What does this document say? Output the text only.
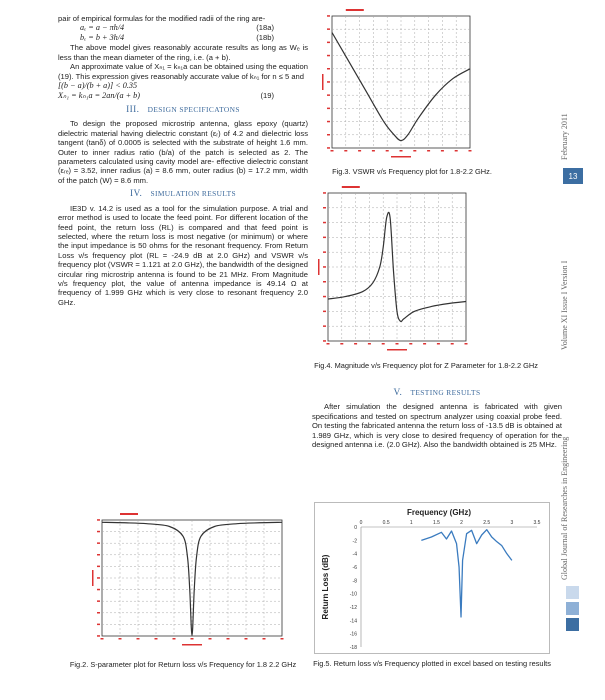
pair of empirical formulas for the modified radii of the ring are-

aₑ = a − πh/4	(18a)
bₑ = b + 3h/4	(18b)

The above model gives reasonably accurate results as long as Wₑ is less than the mean diameter of the ring, i.e. (a + b).

An approximate value of Xₙ₁ = kₙ₁a can be obtained using the equation (19). This expression gives reasonably accurate value of kₙ₁ for n ≤ 5 and

[(b − a)/(b + a)] < 0.35
Xₙ₁ = kₙ₁a = 2an/(a + b)	(19)
III. DESIGN SPECIFICATONS

To design the proposed microstrip antenna, glass epoxy (quartz) dielectric material having dielectric constant (εᵣ) of 4.2 and dielectric loss tangent (tanδ) of 0.0005 is selected with the substrate of height 1.6 mm. Outer to inner radius ratio (b/a) of the patch is selected as 2. The parameters calculated using cavity model are- effective dielectric constant (εᵣₑ) = 3.52, inner radius (a) = 8.6 mm, outer radius (b) = 17.2 mm, width of the patch (W) = 8.6 mm.

IV. SIMULATION RESULTS

IE3D v. 14.2 is used as a tool for the simulation purpose. A trial and error method is used to locate the feed point. For different location of the feed point, the return loss (RL) is compared and that feed point is selected, where the return loss is most negative (or minimum) or where the input impedance is 50 ohms for the resonant frequency. From Return Loss v/s frequency plot (RL = -24.9 dB at 2.0 GHz) and VSWR v/s frequency plot (VSWR = 1.121 at 2.0 GHz), the bandwidth of the designed circular ring microstrip antenna is found to be 21 MHz. From Magnitude v/s frequency plot, the value of antenna impedance is 49.14 Ω at frequency of 1.999 GHz which is very close to resonant frequency 2.0 GHz.

Fig.2. S-parameter plot for Return loss v/s Frequency for 1.8 2.2 GHz
Fig.3. VSWR v/s Frequency plot for 1.8-2.2 GHz.
Fig.4. Magnitude v/s Frequency plot for Z Parameter for 1.8-2.2 GHz
V. TESTING RESULTS

After simulation the designed antenna is fabricated with given specifications and tested on spectrum analyzer using coaxial probe feed. On testing the fabricated antenna the return loss of -13.5 dB is obtained at 1.989 GHz, which is very close to desired frequency of operation for the designed antenna i.e. (2.0 GHz). Also the bandwidth obtained is 25 MHz.

Frequency (GHz)
Return Loss (dB)
0	0.5	1	1.5	2	2.5	3	3.5
0
-2
-4
-6
-8
-10
-12
-14
-16
-18
Fig.5. Return loss v/s Frequency plotted in excel based on testing results
February 2011
13
Volume XI Issue I Version I
Global Journal of Researches in Engineering
